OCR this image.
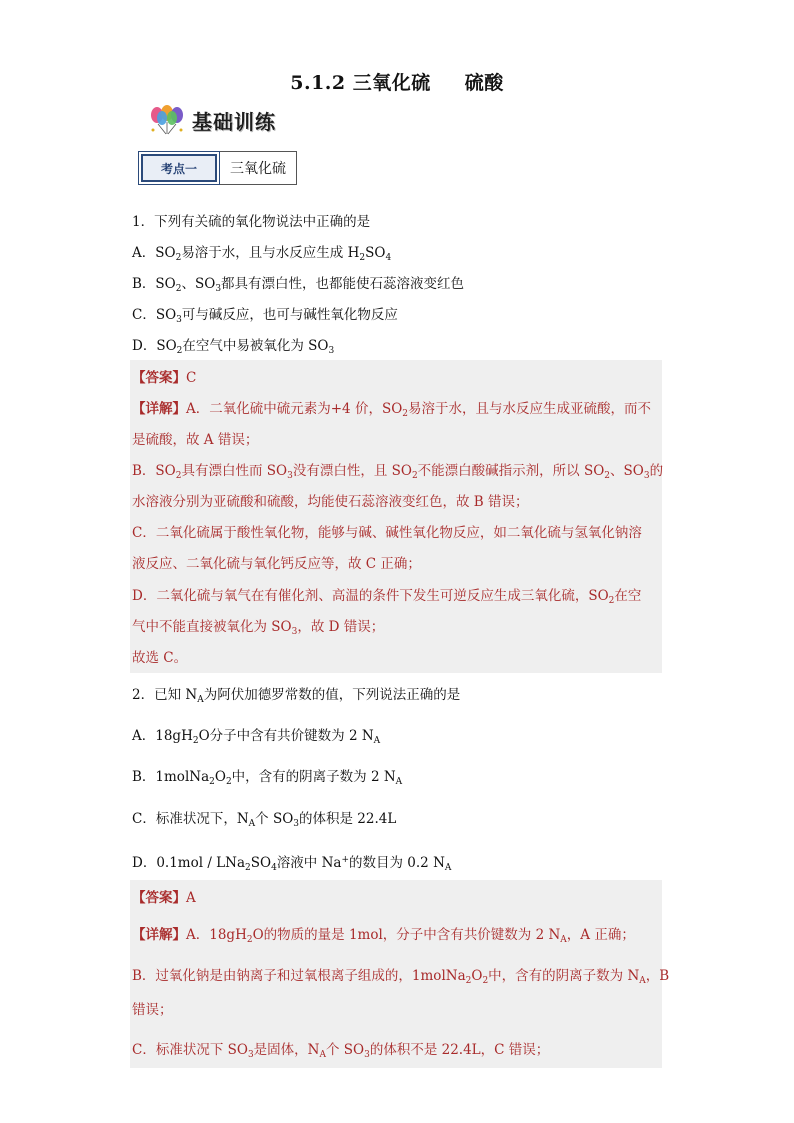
5.1.2 三氧化硫 硫酸
基础训练
考点一	三氧化硫
1．下列有关硫的氧化物说法中正确的是
A．$SO_2$易溶于水，且与水反应生成 $H_2SO_4$
B．$SO_2$、$SO_3$都具有漂白性，也都能使石蕊溶液变红色
C．$SO_3$可与碱反应，也可与碱性氧化物反应
D．$SO_2$在空气中易被氧化为 $SO_3$
【答案】C
【详解】A．二氧化硫中硫元素为+4 价，$SO_2$易溶于水，且与水反应生成亚硫酸，而不
是硫酸，故 A 错误；
B．$SO_2$具有漂白性而 $SO_3$没有漂白性，且 $SO_2$不能漂白酸碱指示剂，所以 $SO_2$、$SO_3$的
水溶液分别为亚硫酸和硫酸，均能使石蕊溶液变红色，故 B 错误；
C．二氧化硫属于酸性氧化物，能够与碱、碱性氧化物反应，如二氧化硫与氢氧化钠溶
液反应、二氧化硫与氧化钙反应等，故 C 正确；
D．二氧化硫与氧气在有催化剂、高温的条件下发生可逆反应生成三氧化硫，$SO_2$在空
气中不能直接被氧化为 $SO_3$，故 D 错误；
故选 C。
2．已知 $N_A$为阿伏加德罗常数的值，下列说法正确的是
A．$18gH_2O$分子中含有共价键数为 2 $N_A$
B．$1molNa_2O_2$中，含有的阴离子数为 2 $N_A$
C．标准状况下，$N_A$个 $SO_3$的体积是 22.4L
D．$0.1mol / LNa_2SO_4$溶液中 Na+的数目为 0.2 $N_A$
【答案】A
【详解】A．$18gH_2O$的物质的量是 1mol，分子中含有共价键数为 2 $N_A$，A 正确；
B．过氧化钠是由钠离子和过氧根离子组成的，$1molNa_2O_2$中，含有的阴离子数为 $N_A$，B
错误；
C．标准状况下 $SO_3$是固体，$N_A$个 $SO_3$的体积不是 22.4L，C 错误；
